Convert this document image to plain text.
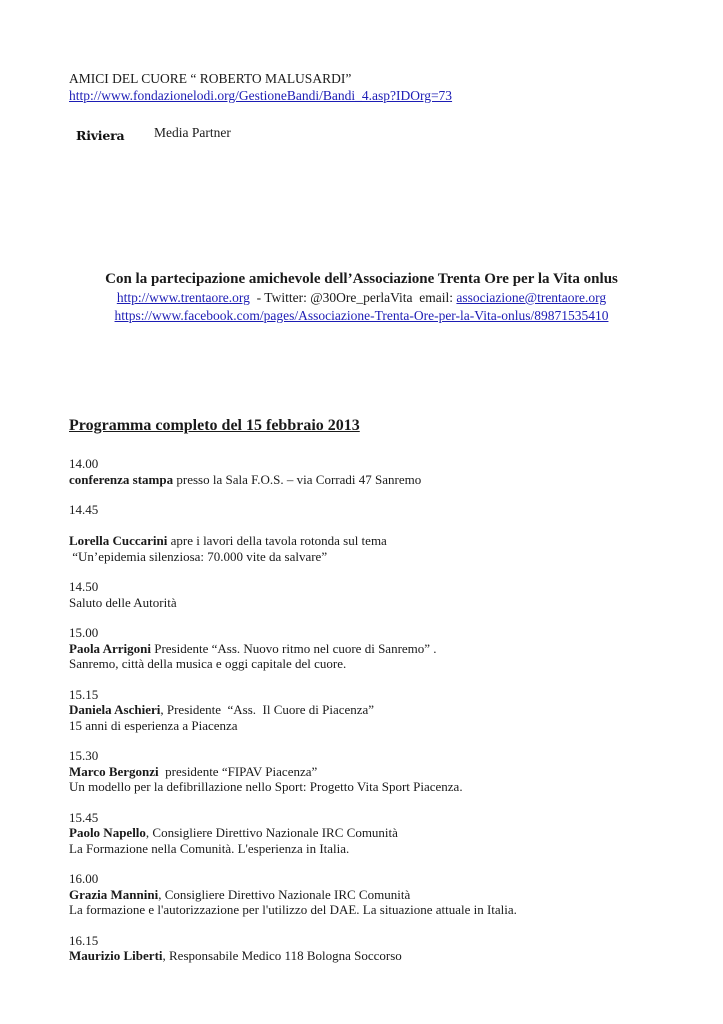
AMICI DEL CUORE “ ROBERTO MALUSARDI”
http://www.fondazionelodi.org/GestioneBandi/Bandi_4.asp?IDOrg=73
Riviera Media Partner
Con la partecipazione amichevole dell’Associazione Trenta Ore per la Vita onlus
http://www.trentaore.org  - Twitter: @30Ore_perlaVita  email: associazione@trentaore.org
https://www.facebook.com/pages/Associazione-Trenta-Ore-per-la-Vita-onlus/89871535410
Programma completo del 15 febbraio 2013
14.00
conferenza stampa presso la Sala F.O.S. – via Corradi 47 Sanremo
14.45
Lorella Cuccarini apre i lavori della tavola rotonda sul tema
“Un’epidemia silenziosa: 70.000 vite da salvare”
14.50
Saluto delle Autorità
15.00
Paola Arrigoni Presidente “Ass. Nuovo ritmo nel cuore di Sanremo” .
Sanremo, città della musica e oggi capitale del cuore.
15.15
Daniela Aschieri, Presidente  “Ass.  Il Cuore di Piacenza”
15 anni di esperienza a Piacenza
15.30
Marco Bergonzi  presidente “FIPAV Piacenza”
Un modello per la defibrillazione nello Sport: Progetto Vita Sport Piacenza.
15.45
Paolo Napello, Consigliere Direttivo Nazionale IRC Comunità
La Formazione nella Comunità. L'esperienza in Italia.
16.00
Grazia Mannini, Consigliere Direttivo Nazionale IRC Comunità
La formazione e l'autorizzazione per l'utilizzo del DAE. La situazione attuale in Italia.
16.15
Maurizio Liberti, Responsabile Medico 118 Bologna Soccorso
